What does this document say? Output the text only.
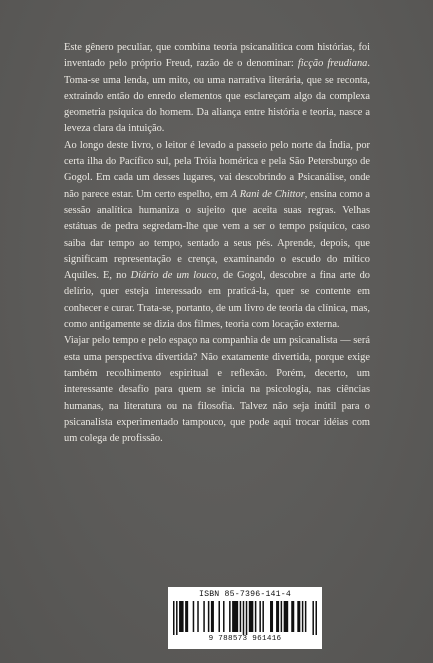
Este gênero peculiar, que combina teoria psicanalítica com histórias, foi inventado pelo próprio Freud, razão de o denominar: ficção freudiana. Toma-se uma lenda, um mito, ou uma narrativa literária, que se reconta, extraindo então do enredo elementos que esclareçam algo da complexa geometria psíquica do homem. Da aliança entre história e teoria, nasce a leveza clara da intuição.

Ao longo deste livro, o leitor é levado a passeio pelo norte da Índia, por certa ilha do Pacífico sul, pela Tróia homérica e pela São Petersburgo de Gogol. Em cada um desses lugares, vai descobrindo a Psicanálise, onde não parece estar. Um certo espelho, em A Rani de Chittor, ensina como a sessão analítica humaniza o sujeito que aceita suas regras. Velhas estátuas de pedra segredam-lhe que vem a ser o tempo psíquico, caso saiba dar tempo ao tempo, sentado a seus pés. Aprende, depois, que significam representação e crença, examinando o escudo do mítico Aquiles. E, no Diário de um louco, de Gogol, descobre a fina arte do delírio, quer esteja interessado em praticá-la, quer se contente em conhecer e curar. Trata-se, portanto, de um livro de teoria da clínica, mas, como antigamente se dizia dos filmes, teoria com locação externa.

Viajar pelo tempo e pelo espaço na companhia de um psicanalista — será esta uma perspectiva divertida? Não exatamente divertida, porque exige também recolhimento espiritual e reflexão. Porém, decerto, um interessante desafio para quem se inicia na psicologia, nas ciências humanas, na literatura ou na filosofia. Talvez não seja inútil para o psicanalista experimentado tampouco, que pode aqui trocar idéias com um colega de profissão.

ISBN 85-7396-141-4
9 788573 961416
